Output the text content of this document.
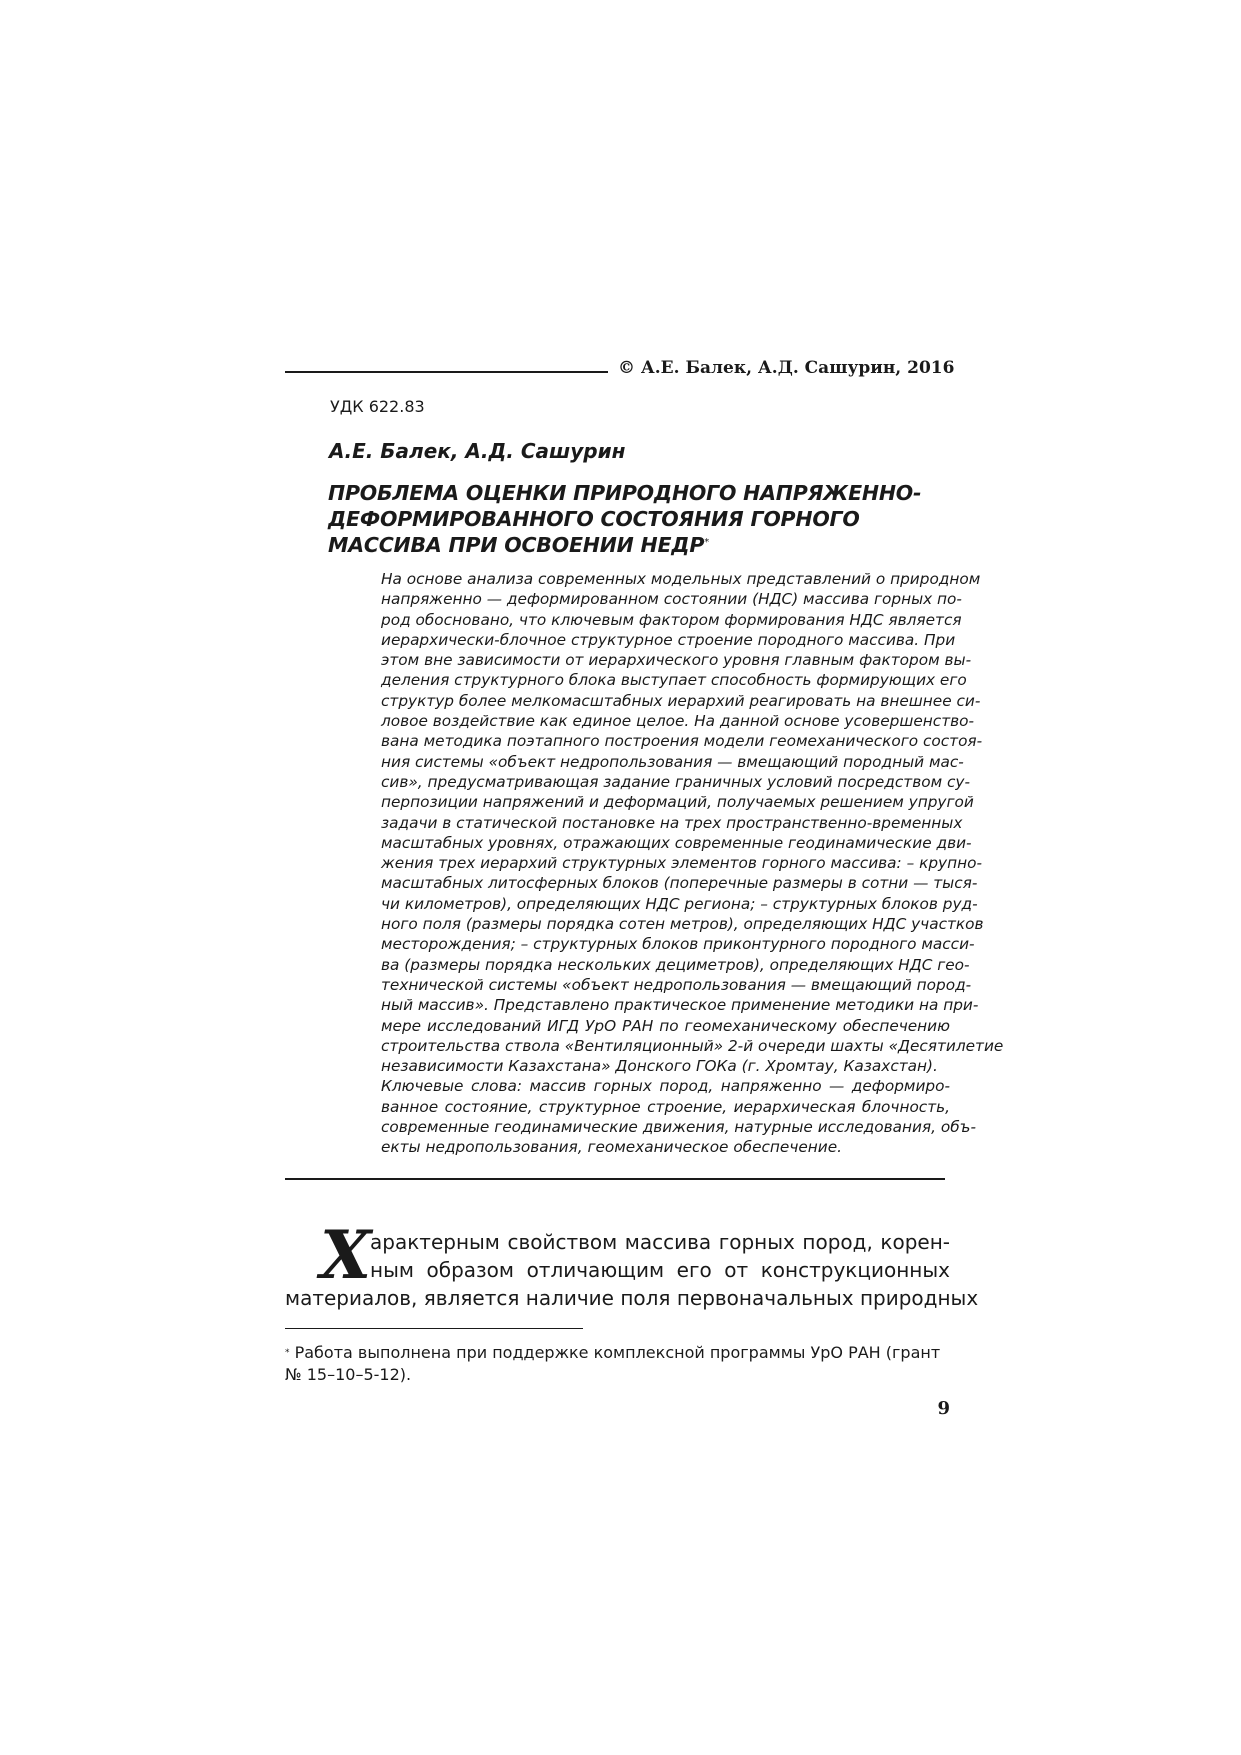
© А.Е. Балек, А.Д. Сашурин, 2016
УДК 622.83
А.Е. Балек, А.Д. Сашурин
ПРОБЛЕМА ОЦЕНКИ ПРИРОДНОГО НАПРЯЖЕННО-
ДЕФОРМИРОВАННОГО СОСТОЯНИЯ ГОРНОГО
МАССИВА ПРИ ОСВОЕНИИ НЕДР*
На основе анализа современных модельных представлений о природном
напряженно — деформированном состоянии (НДС) массива горных по-
род обосновано, что ключевым фактором формирования НДС является
иерархически-блочное структурное строение породного массива. При
этом вне зависимости от иерархического уровня главным фактором вы-
деления структурного блока выступает способность формирующих его
структур более мелкомасштабных иерархий реагировать на внешнее си-
ловое воздействие как единое целое. На данной основе усовершенство-
вана методика поэтапного построения модели геомеханического состоя-
ния системы «объект недропользования — вмещающий породный мас-
сив», предусматривающая задание граничных условий посредством су-
перпозиции напряжений и деформаций, получаемых решением упругой
задачи в статической постановке на трех пространственно-временных
масштабных уровнях, отражающих современные геодинамические дви-
жения трех иерархий структурных элементов горного массива: – крупно-
масштабных литосферных блоков (поперечные размеры в сотни — тыся-
чи километров), определяющих НДС региона; – структурных блоков руд-
ного поля (размеры порядка сотен метров), определяющих НДС участков
месторождения; – структурных блоков приконтурного породного масси-
ва (размеры порядка нескольких дециметров), определяющих НДС гео-
технической системы «объект недропользования — вмещающий пород-
ный массив». Представлено практическое применение методики на при-
мере исследований ИГД УрО РАН по геомеханическому обеспечению
строительства ствола «Вентиляционный» 2-й очереди шахты «Десятилетие
независимости Казахстана» Донского ГОКа (г. Хромтау, Казахстан).
Ключевые слова: массив горных пород, напряженно — деформиро-
ванное состояние, структурное строение, иерархическая блочность,
современные геодинамические движения, натурные исследования, объ-
екты недропользования, геомеханическое обеспечение.
Х
арактерным свойством массива горных пород, корен-
ным образом отличающим его от конструкционных
материалов, является наличие поля первоначальных природных
* Работа выполнена при поддержке комплексной программы УрО РАН (грант
№ 15–10–5-12).
9
